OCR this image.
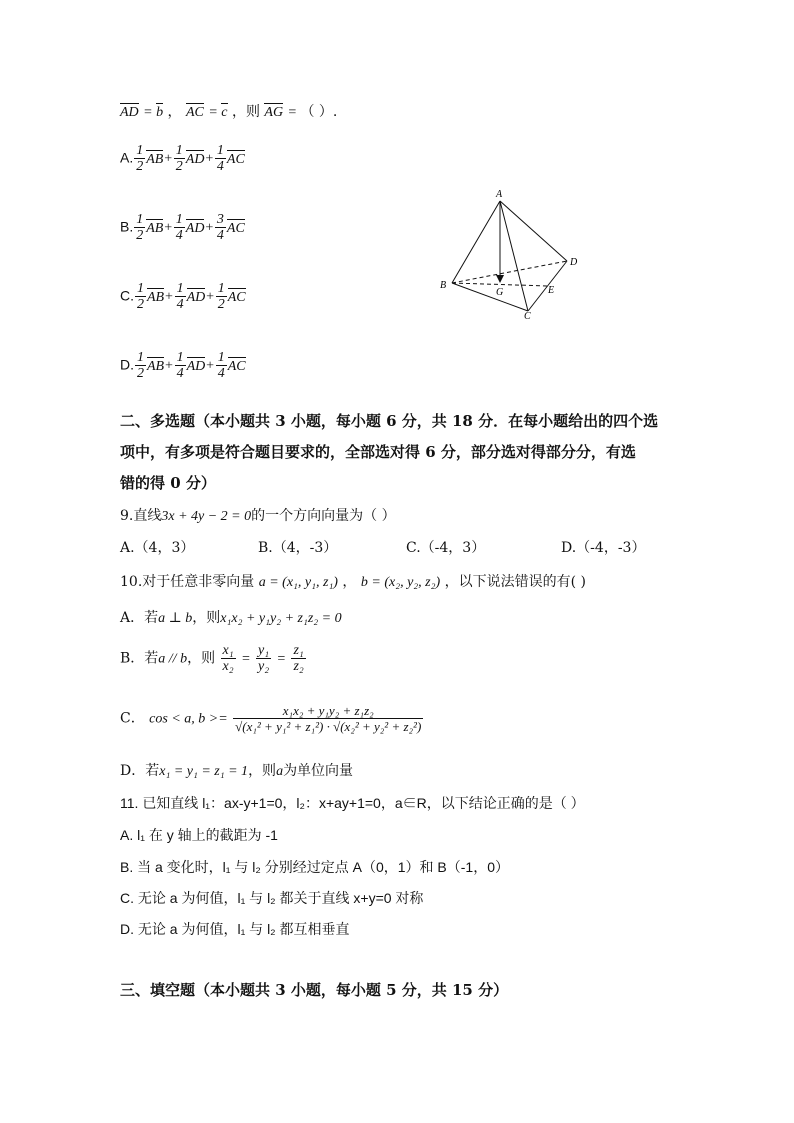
AD = b ， AC = c ，则 AG = （ ）.
A. $\frac{1}{2} AB+ \frac{1}{2} AD+ \frac{1}{4}$ AC
B. $\frac{1}{2} AB+ \frac{1}{4} AD+ \frac{3}{4}$ AC
C. $\frac{1}{2} AB+ \frac{1}{4} AD+ \frac{1}{2}$ AC
D. $\frac{1}{2} AB+ \frac{1}{4} AD+ \frac{1}{4}$ AC
A
B
C
D
E
G
二、多选题（本小题共 3 小题，每小题 6 分，共 18 分．在每小题给出的四个选
项中，有多项是符合题目要求的，全部选对得 6 分，部分选对得部分分，有选
错的得 0 分）
9.直线3x + 4y − 2 = 0的一个方向向量为（ ）
A.（4，3）	B.（4，-3）	C.（-4，3）	D.（-4，-3）
10.对于任意非零向量 a = (x₁, y₁, z₁) ， b = (x₂, y₂, z₂) ，以下说法错误的有( )
A．若a ⊥ b，则x₁x₂ + y₁y₂ + z₁z₂ = 0
B．若a // b，则 $\frac{\text{x₁}}{\text{x₂}} = \frac{\text{y₁}}{\text{y₂}} = \frac{\text{z₁}}{\text{z₂}}$
C． cos < a, $b >= \frac{\text{x₁x₂ + y₁y₂ + z₁z₂}}{\text{√(x₁² + y₁² + z₁²) · √(x₂² + y₂² + z₂²)}}$
D．若x₁ = y₁ = z₁ = 1，则a为单位向量
11. 已知直线 l₁：ax-y+1=0，l₂：x+ay+1=0，a∈R，以下结论正确的是（ ）
A. l₁ 在 y 轴上的截距为 -1
B. 当 a 变化时，l₁ 与 l₂ 分别经过定点 A（0，1）和 B（-1，0）
C. 无论 a 为何值，l₁ 与 l₂ 都关于直线 x+y=0 对称
D. 无论 a 为何值，l₁ 与 l₂ 都互相垂直
三、填空题（本小题共 3 小题，每小题 5 分，共 15 分）
